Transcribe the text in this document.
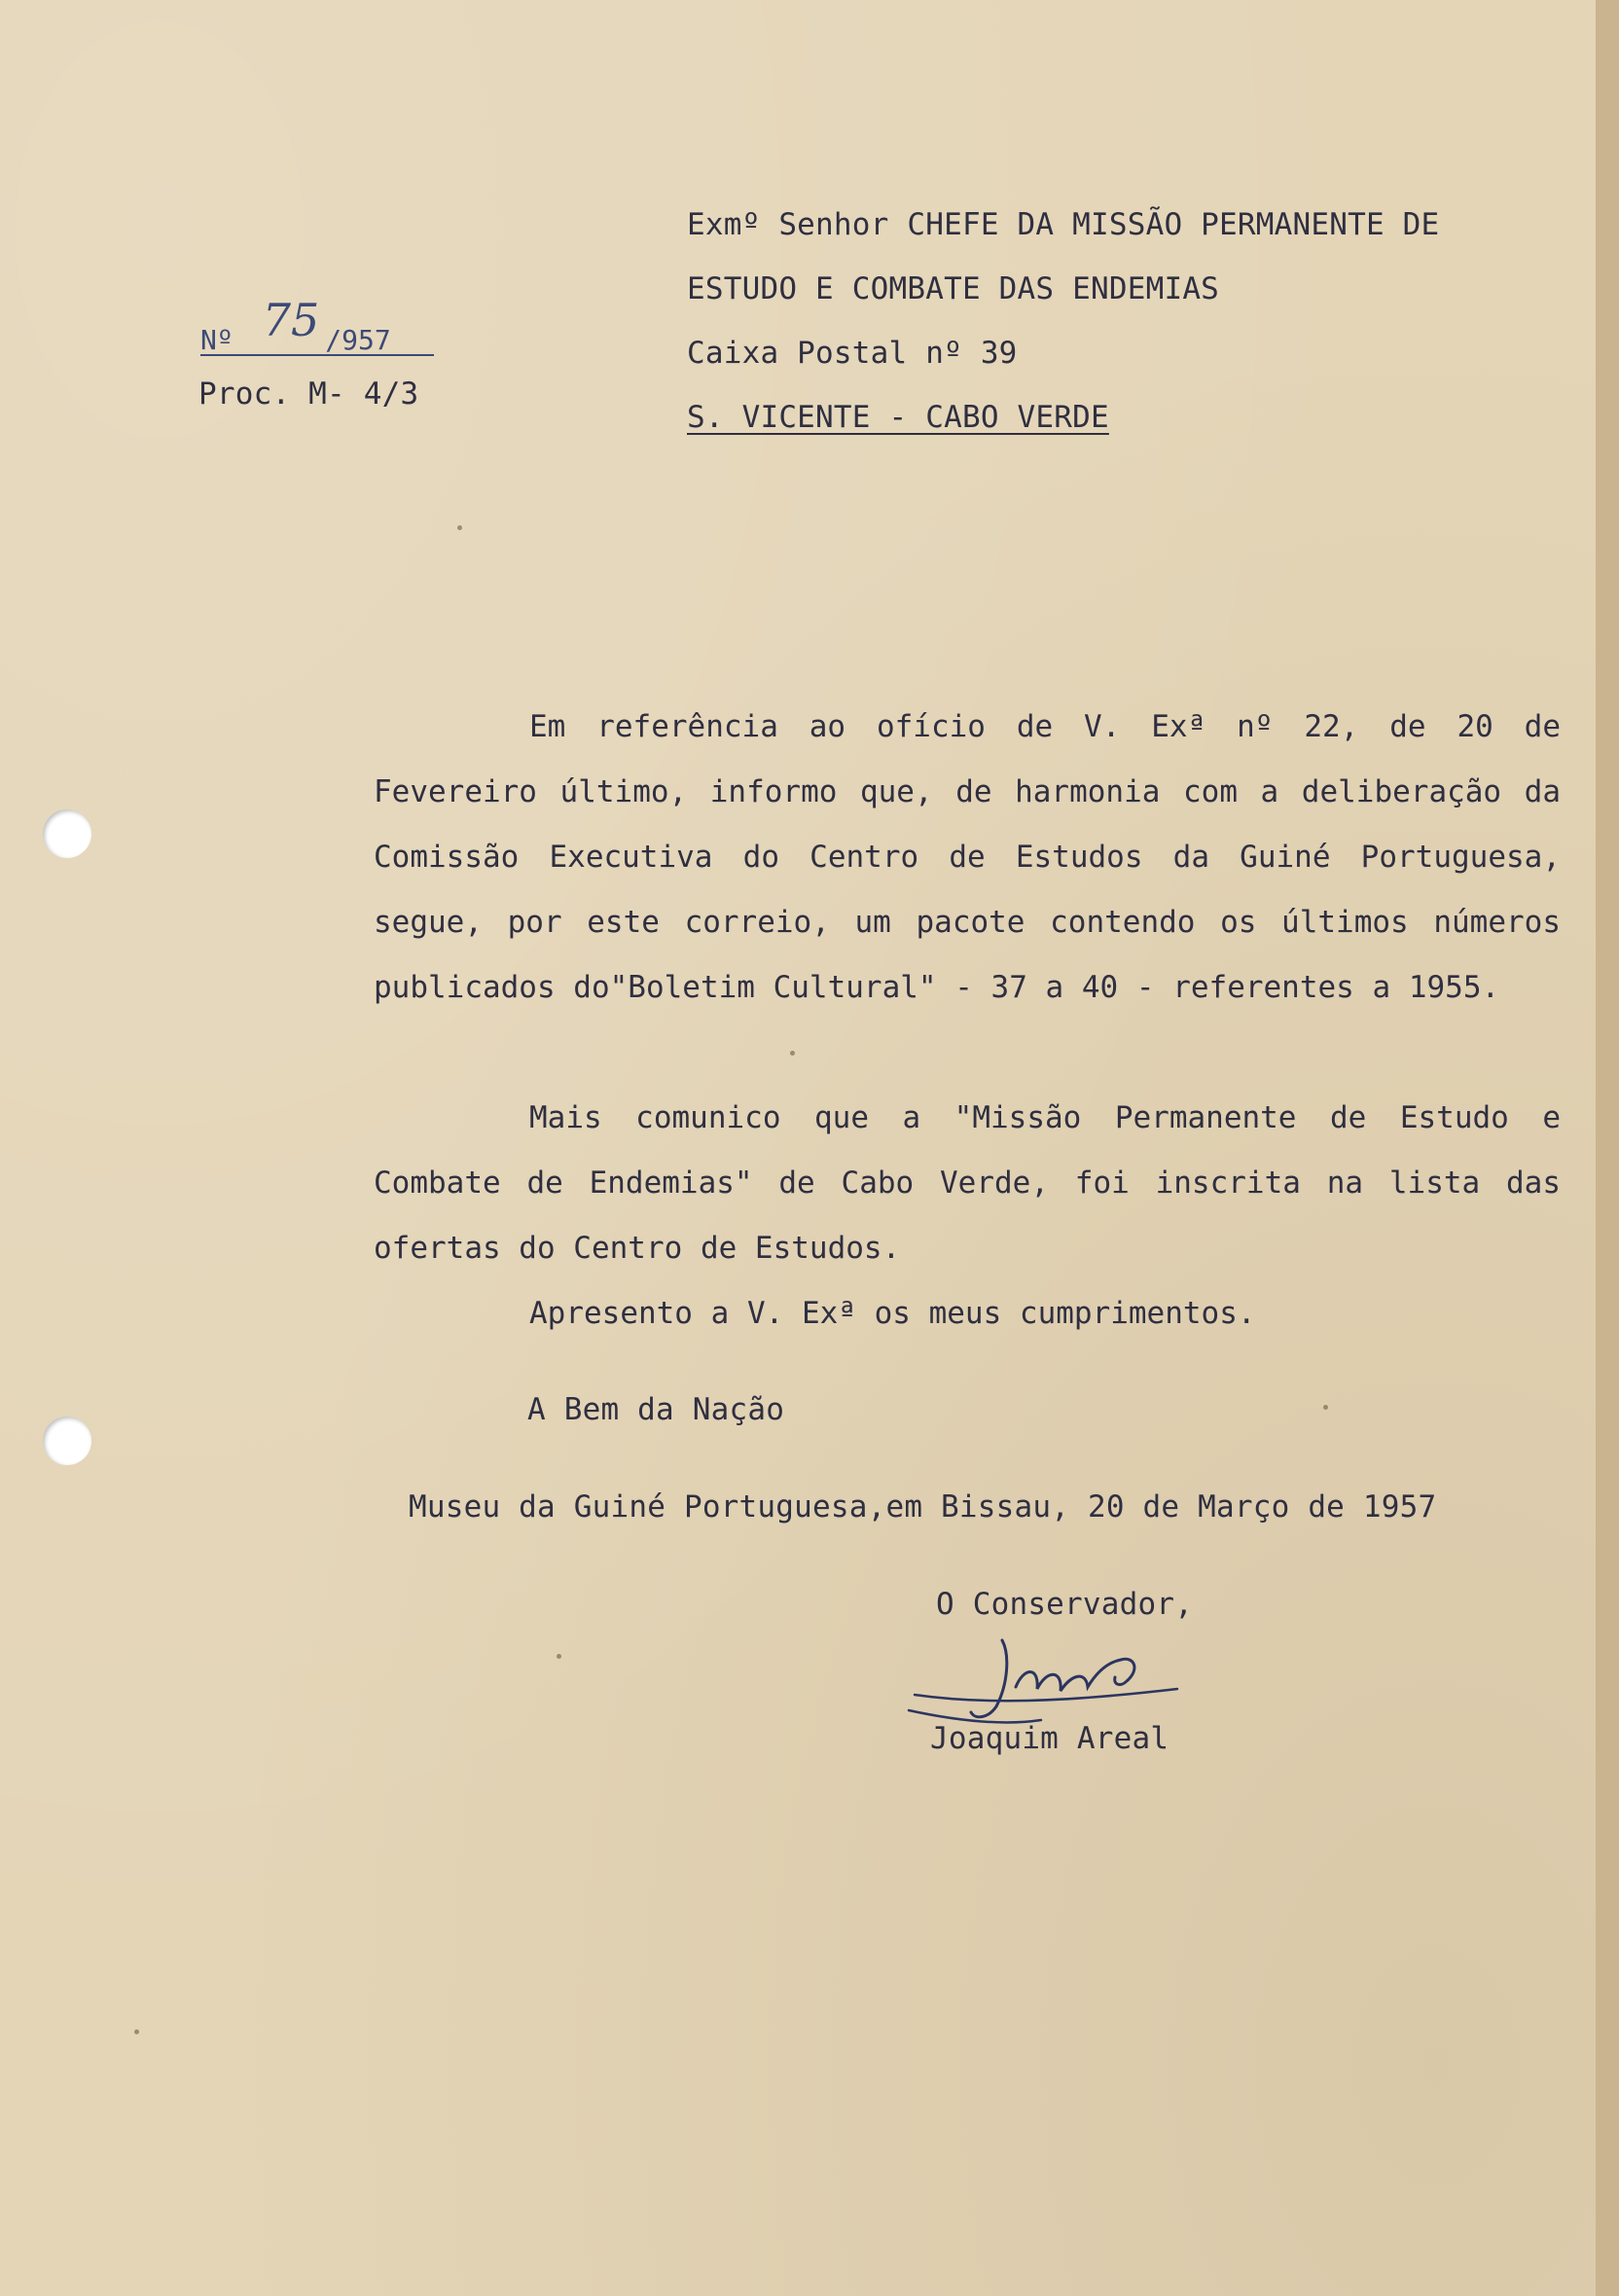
Exmº Senhor CHEFE DA MISSÃO PERMANENTE DE
ESTUDO E COMBATE DAS ENDEMIAS
Caixa Postal nº 39
S. VICENTE - CABO VERDE
Nº 75 /957
Proc. M- 4/3

Em referência ao ofício de V. Exª nº 22, de 20 de Fevereiro último, informo que, de harmonia com a deliberação da Comissão Executiva do Centro de Estudos da Guiné Portuguesa, segue, por este correio, um pacote contendo os últimos números publicados do"Boletim Cultural" - 37 a 40 - referentes a 1955.

Mais comunico que a "Missão Permanente de Estudo e Combate de Endemias" de Cabo Verde, foi inscrita na lista das ofertas do Centro de Estudos.

Apresento a V. Exª os meus cumprimentos.

A Bem da Nação
Museu da Guiné Portuguesa,em Bissau, 20 de Março de 1957
O Conservador,
Joaquim Areal
